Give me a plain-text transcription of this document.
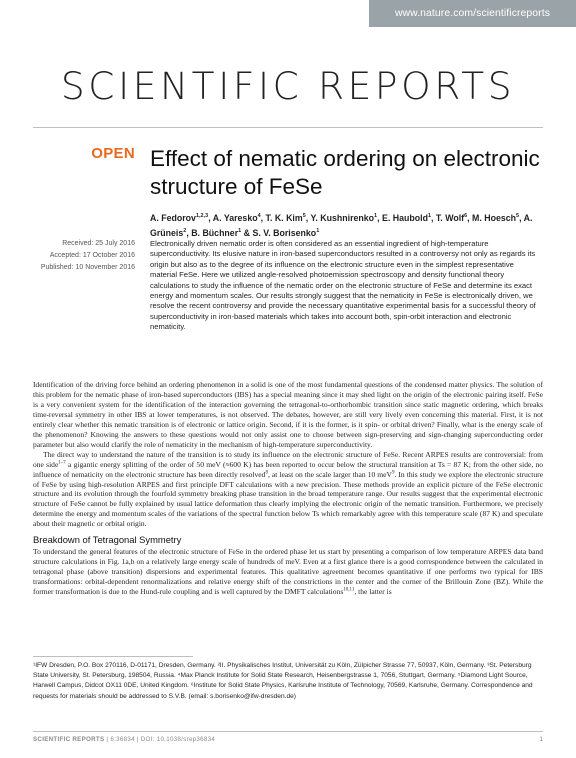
www.nature.com/scientificreports
SCIENTIFIC REPORTS
OPEN Effect of nematic ordering on electronic structure of FeSe
A. Fedorov$^{1,2,3}$, A. Yaresko$^4$, T. K. Kim$^5$, Y. Kushnirenko$^1$, E. Haubold$^1$, T. Wolf$^6$, M. Hoesch$^5$, A. Grüneis$^2$, B. Büchner$^1$ & S. V. Borisenko$^1$
Received: 25 July 2016
Accepted: 17 October 2016
Published: 10 November 2016

Electronically driven nematic order is often considered as an essential ingredient of high-temperature superconductivity. Its elusive nature in iron-based superconductors resulted in a controversy not only as regards its origin but also as to the degree of its influence on the electronic structure even in the simplest representative material FeSe. Here we utilized angle-resolved photoemission spectroscopy and density functional theory calculations to study the influence of the nematic order on the electronic structure of FeSe and determine its exact energy and momentum scales. Our results strongly suggest that the nematicity in FeSe is electronically driven, we resolve the recent controversy and provide the necessary quantitative experimental basis for a successful theory of superconductivity in iron-based materials which takes into account both, spin-orbit interaction and electronic nematicity.

Identification of the driving force behind an ordering phenomenon in a solid is one of the most fundamental questions of the condensed matter physics. The solution of this problem for the nematic phase of iron-based superconductors (IBS) has a special meaning since it may shed light on the origin of the electronic pairing itself. FeSe is a very convenient system for the identification of the interaction governing the tetragonal-to-orthorhombic transition since static magnetic ordering, which breaks time-reversal symmetry in other IBS at lower temperatures, is not observed. The debates, however, are still very lively even concerning this material. First, it is not entirely clear whether this nematic transition is of electronic or lattice origin. Second, if it is the former, is it spin- or orbital driven? Finally, what is the energy scale of the phenomenon? Knowing the answers to these questions would not only assist one to choose between sign-preserving and sign-changing superconducting order parameter but also would clarify the role of nematicity in the mechanism of high-temperature superconductivity.

The direct way to understand the nature of the transition is to study its influence on the electronic structure of FeSe. Recent ARPES results are controversial: from one side$^{1-7}$ a gigantic energy splitting of the order of 50 meV (≈600 K) has been reported to occur below the structural transition at Ts = 87 K; from the other side, no influence of nematicity on the electronic structure has been directly resolved$^8$, at least on the scale larger than 10 meV$^9$. In this study we explore the electronic structure of FeSe by using high-resolution ARPES and first principle DFT calculations with a new precision. These methods provide an explicit picture of the FeSe electronic structure and its evolution through the fourfold symmetry breaking phase transition in the broad temperature range. Our results suggest that the experimental electronic structure of FeSe cannot be fully explained by usual lattice deformation thus clearly implying the electronic origin of the nematic transition. Furthermore, we precisely determine the energy and momentum scales of the variations of the spectral function below Ts which remarkably agree with this temperature scale (87 K) and speculate about their magnetic or orbital origin.

Breakdown of Tetragonal Symmetry

To understand the general features of the electronic structure of FeSe in the ordered phase let us start by presenting a comparison of low temperature ARPES data band structure calculations in Fig. 1a,b on a relatively large energy scale of hundreds of meV. Even at a first glance there is a good correspondence between the calculated in tetragonal phase (above transition) dispersions and experimental features. This qualitative agreement becomes quantitative if one performs two typical for IBS transformations: orbital-dependent renormalizations and relative energy shift of the constrictions in the center and the corner of the Brillouin Zone (BZ). While the former transformation is due to the Hund-rule coupling and is well captured by the DMFT calculations$^{10,11}$, the latter is

¹IFW Dresden, P.O. Box 270116, D-01171, Dresden, Germany. ²II. Physikalisches Institut, Universität zu Köln, Zülpicher Strasse 77, 50937, Köln, Germany. ³St. Petersburg State University, St. Petersburg, 198504, Russia. ⁴Max Planck Institute for Solid State Research, Heisenbergstrasse 1, 7056, Stuttgart, Germany. ⁵Diamond Light Source, Harwell Campus, Didcot OX11 0DE, United Kingdom. ⁶Institute for Solid State Physics, Karlsruhe Institute of Technology, 70569, Karlsruhe, Germany. Correspondence and requests for materials should be addressed to S.V.B. (email: s.borisenko@ifw-dresden.de)
SCIENTIFIC REPORTS | 6:36834 | DOI: 10.1038/srep36834	1
